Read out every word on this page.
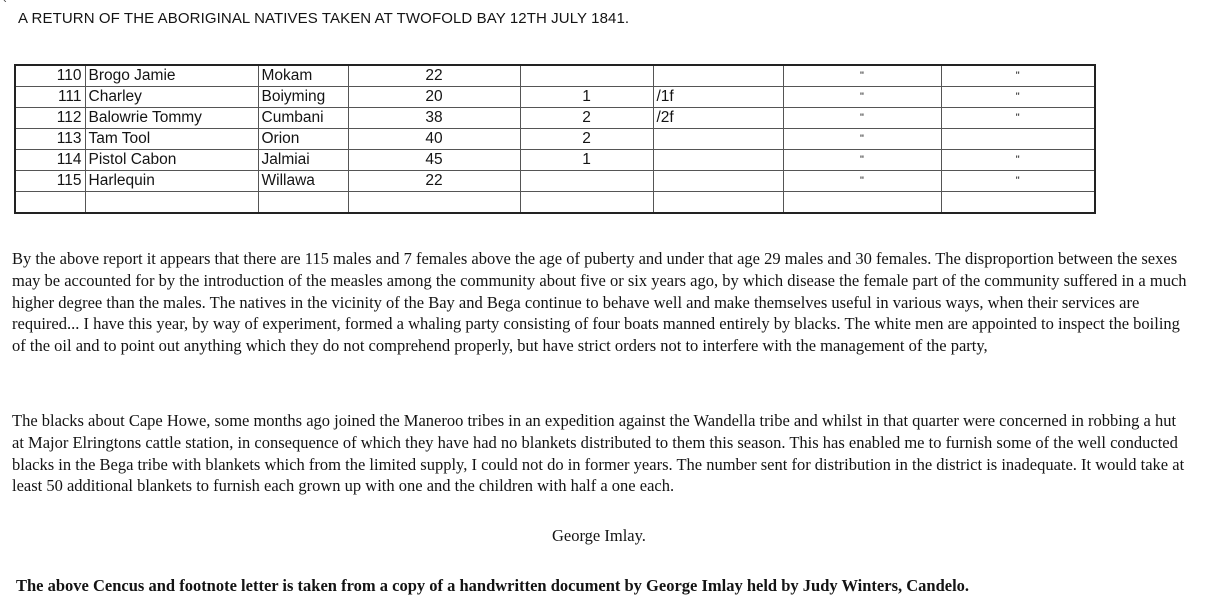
`
A RETURN OF THE ABORIGINAL NATIVES TAKEN AT TWOFOLD BAY 12TH JULY 1841.
110	Brogo Jamie	Mokam	22			"	"
111	Charley	Boiyming	20	1	/1f	"	"
112	Balowrie Tommy	Cumbani	38	2	/2f	"	"
113	Tam Tool	Orion	40	2		"	
114	Pistol Cabon	Jalmiai	45	1		"	"
115	Harlequin	Willawa	22			"	"

By the above report it appears that there are 115 males and 7 females above the age of puberty and under that age 29 males and 30 females. The disproportion between the sexes may be accounted for by the introduction of the measles among the community about five or six years ago, by which disease the female part of the community suffered in a much higher degree than the males. The natives in the vicinity of the Bay and Bega continue to behave well and make themselves useful in various ways, when their services are required... I have this year, by way of experiment, formed a whaling party consisting of four boats manned entirely by blacks. The white men are appointed to inspect the boiling of the oil and to point out anything which they do not comprehend properly, but have strict orders not to interfere with the management of the party,

The blacks about Cape Howe, some months ago joined the Maneroo tribes in an expedition against the Wandella tribe and whilst in that quarter were concerned in robbing a hut at Major Elringtons cattle station, in consequence of which they have had no blankets distributed to them this season. This has enabled me to furnish some of the well conducted blacks in the Bega tribe with blankets which from the limited supply, I could not do in former years. The number sent for distribution in the district is inadequate. It would take at least 50 additional blankets to furnish each grown up with one and the children with half a one each.

George Imlay.
The above Cencus and footnote letter is taken from a copy of a handwritten document by George Imlay held by Judy Winters, Candelo.
